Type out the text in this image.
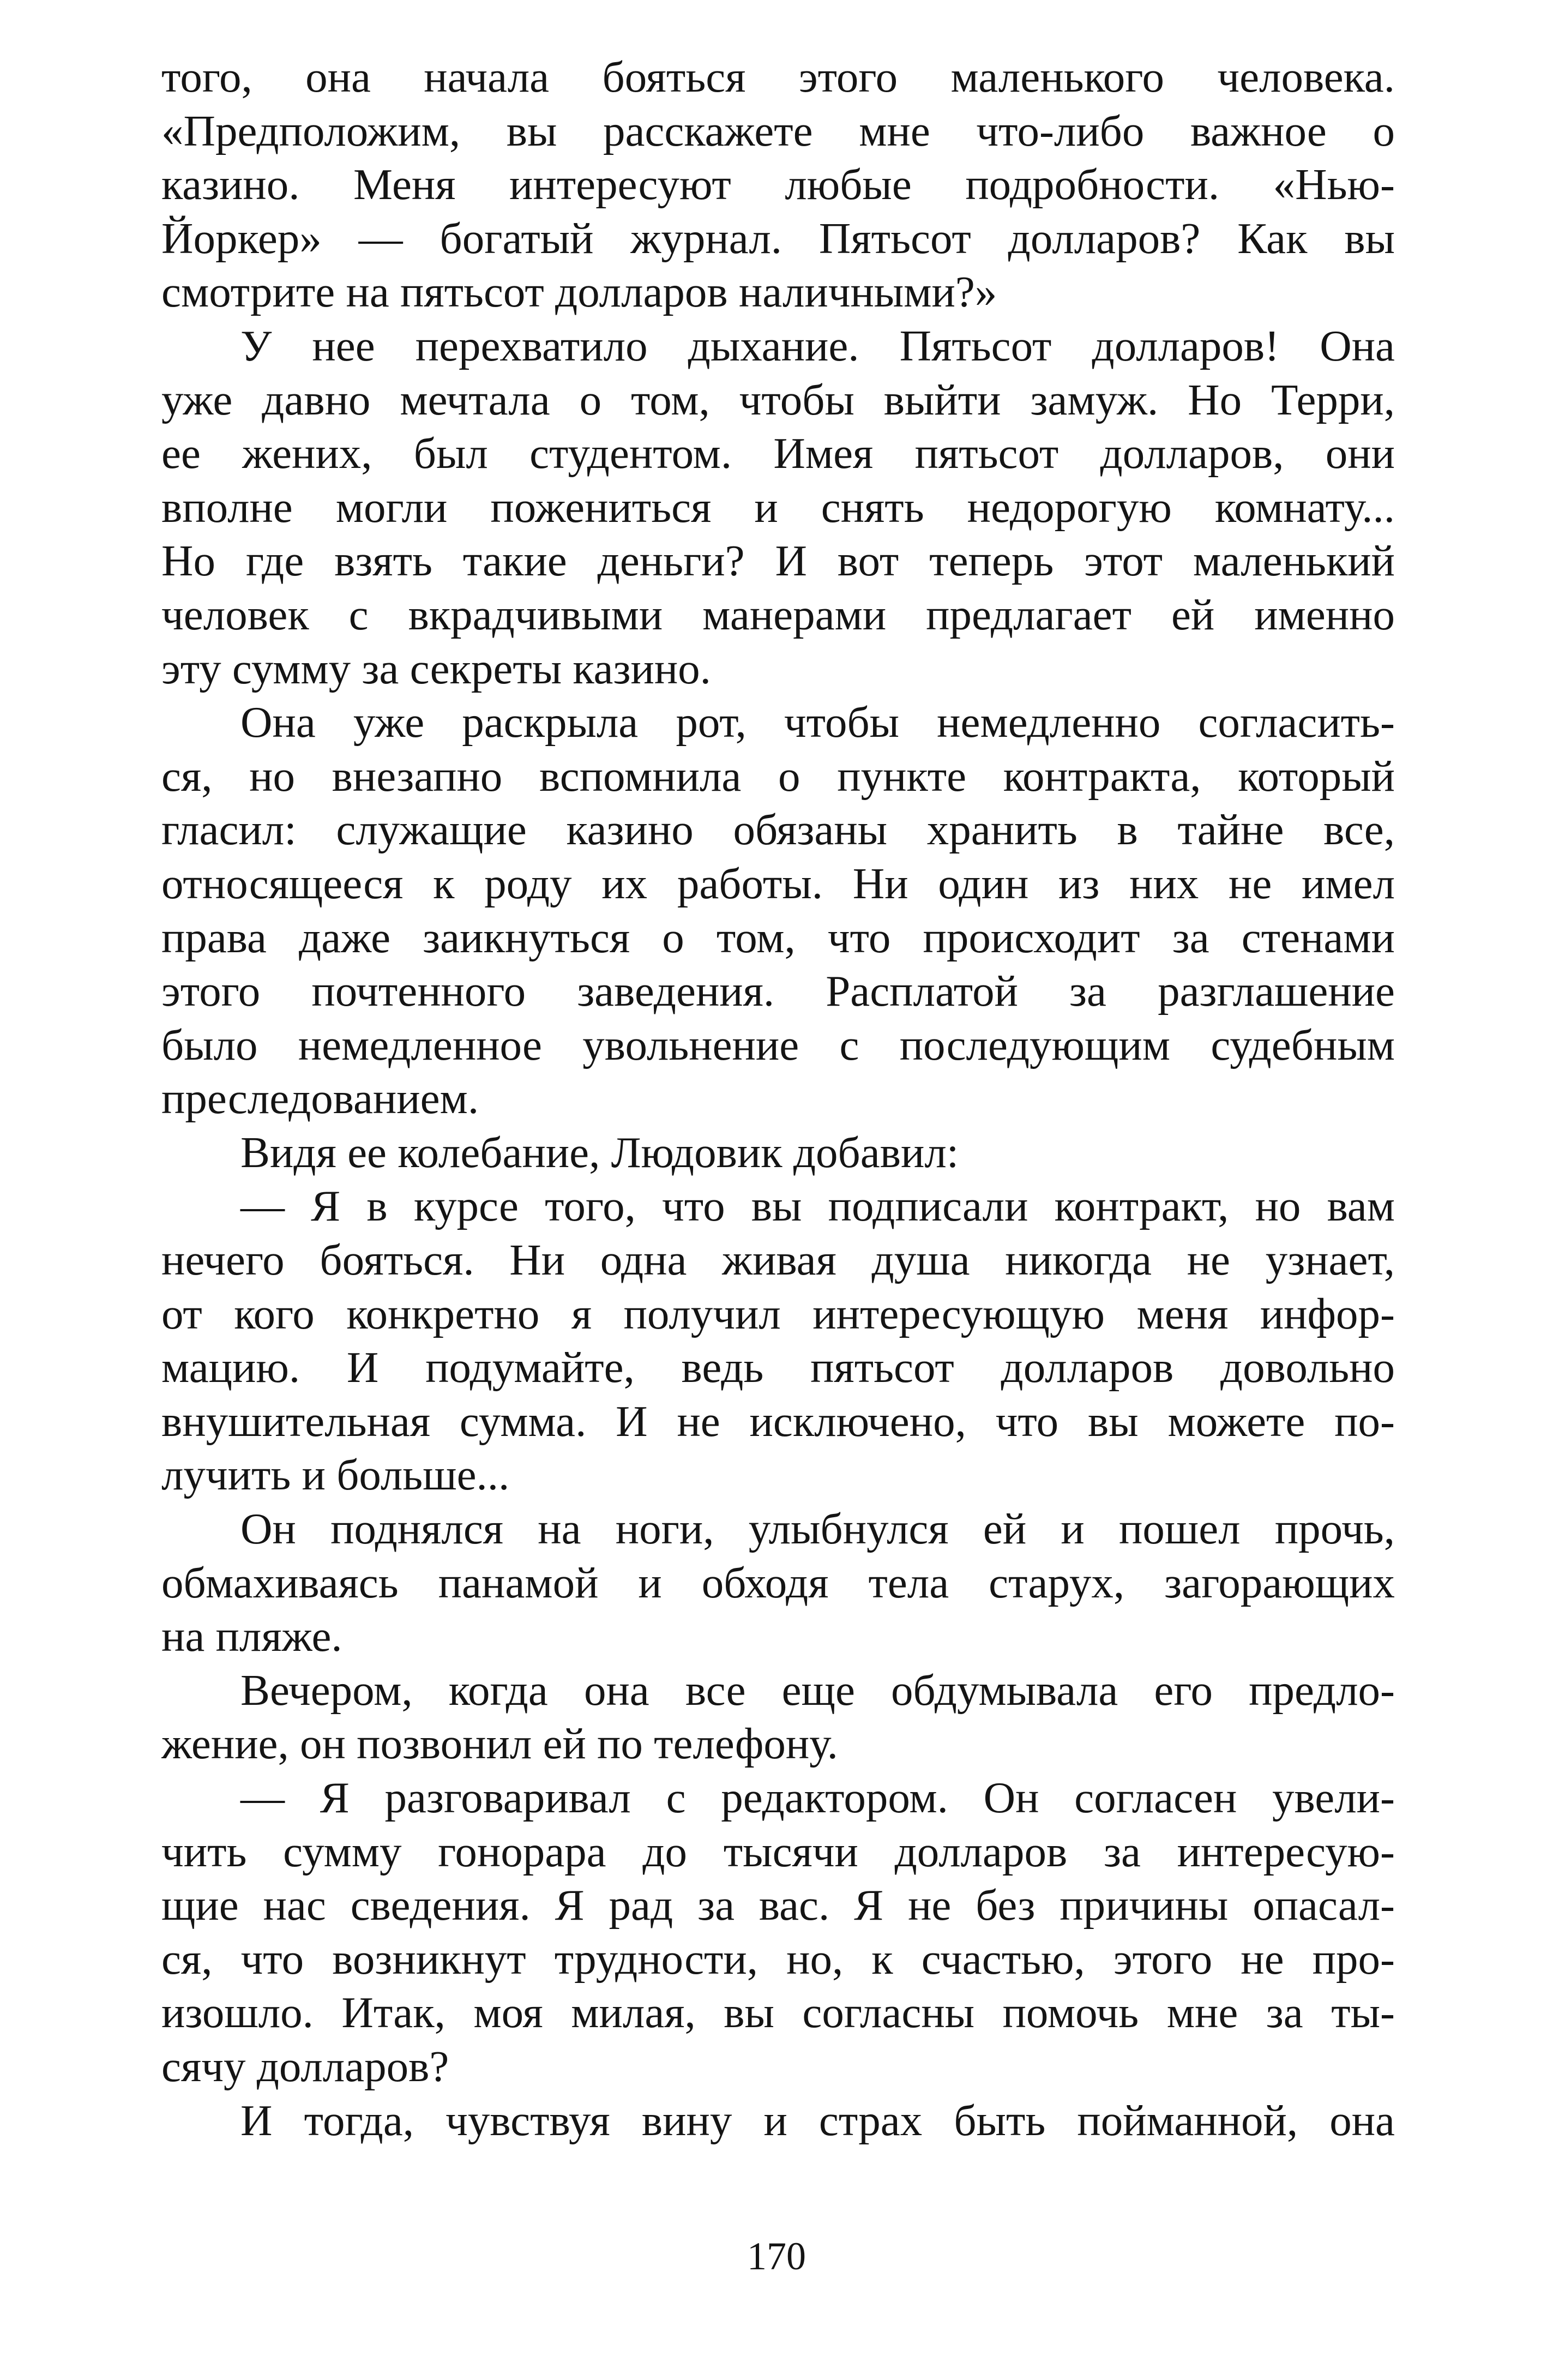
того, она начала бояться этого маленького человека.
«Предположим, вы расскажете мне что-либо важное о
казино. Меня интересуют любые подробности. «Нью-
Йоркер» — богатый журнал. Пятьсот долларов? Как вы
смотрите на пятьсот долларов наличными?»
У нее перехватило дыхание. Пятьсот долларов! Она
уже давно мечтала о том, чтобы выйти замуж. Но Терри,
ее жених, был студентом. Имея пятьсот долларов, они
вполне могли пожениться и снять недорогую комнату...
Но где взять такие деньги? И вот теперь этот маленький
человек с вкрадчивыми манерами предлагает ей именно
эту сумму за секреты казино.
Она уже раскрыла рот, чтобы немедленно согласить-
ся, но внезапно вспомнила о пункте контракта, который
гласил: служащие казино обязаны хранить в тайне все,
относящееся к роду их работы. Ни один из них не имел
права даже заикнуться о том, что происходит за стенами
этого почтенного заведения. Расплатой за разглашение
было немедленное увольнение с последующим судебным
преследованием.
Видя ее колебание, Людовик добавил:
— Я в курсе того, что вы подписали контракт, но вам
нечего бояться. Ни одна живая душа никогда не узнает,
от кого конкретно я получил интересующую меня инфор-
мацию. И подумайте, ведь пятьсот долларов довольно
внушительная сумма. И не исключено, что вы можете по-
лучить и больше...
Он поднялся на ноги, улыбнулся ей и пошел прочь,
обмахиваясь панамой и обходя тела старух, загорающих
на пляже.
Вечером, когда она все еще обдумывала его предло-
жение, он позвонил ей по телефону.
— Я разговаривал с редактором. Он согласен увели-
чить сумму гонорара до тысячи долларов за интересую-
щие нас сведения. Я рад за вас. Я не без причины опасал-
ся, что возникнут трудности, но, к счастью, этого не про-
изошло. Итак, моя милая, вы согласны помочь мне за ты-
сячу долларов?
И тогда, чувствуя вину и страх быть пойманной, она
170
